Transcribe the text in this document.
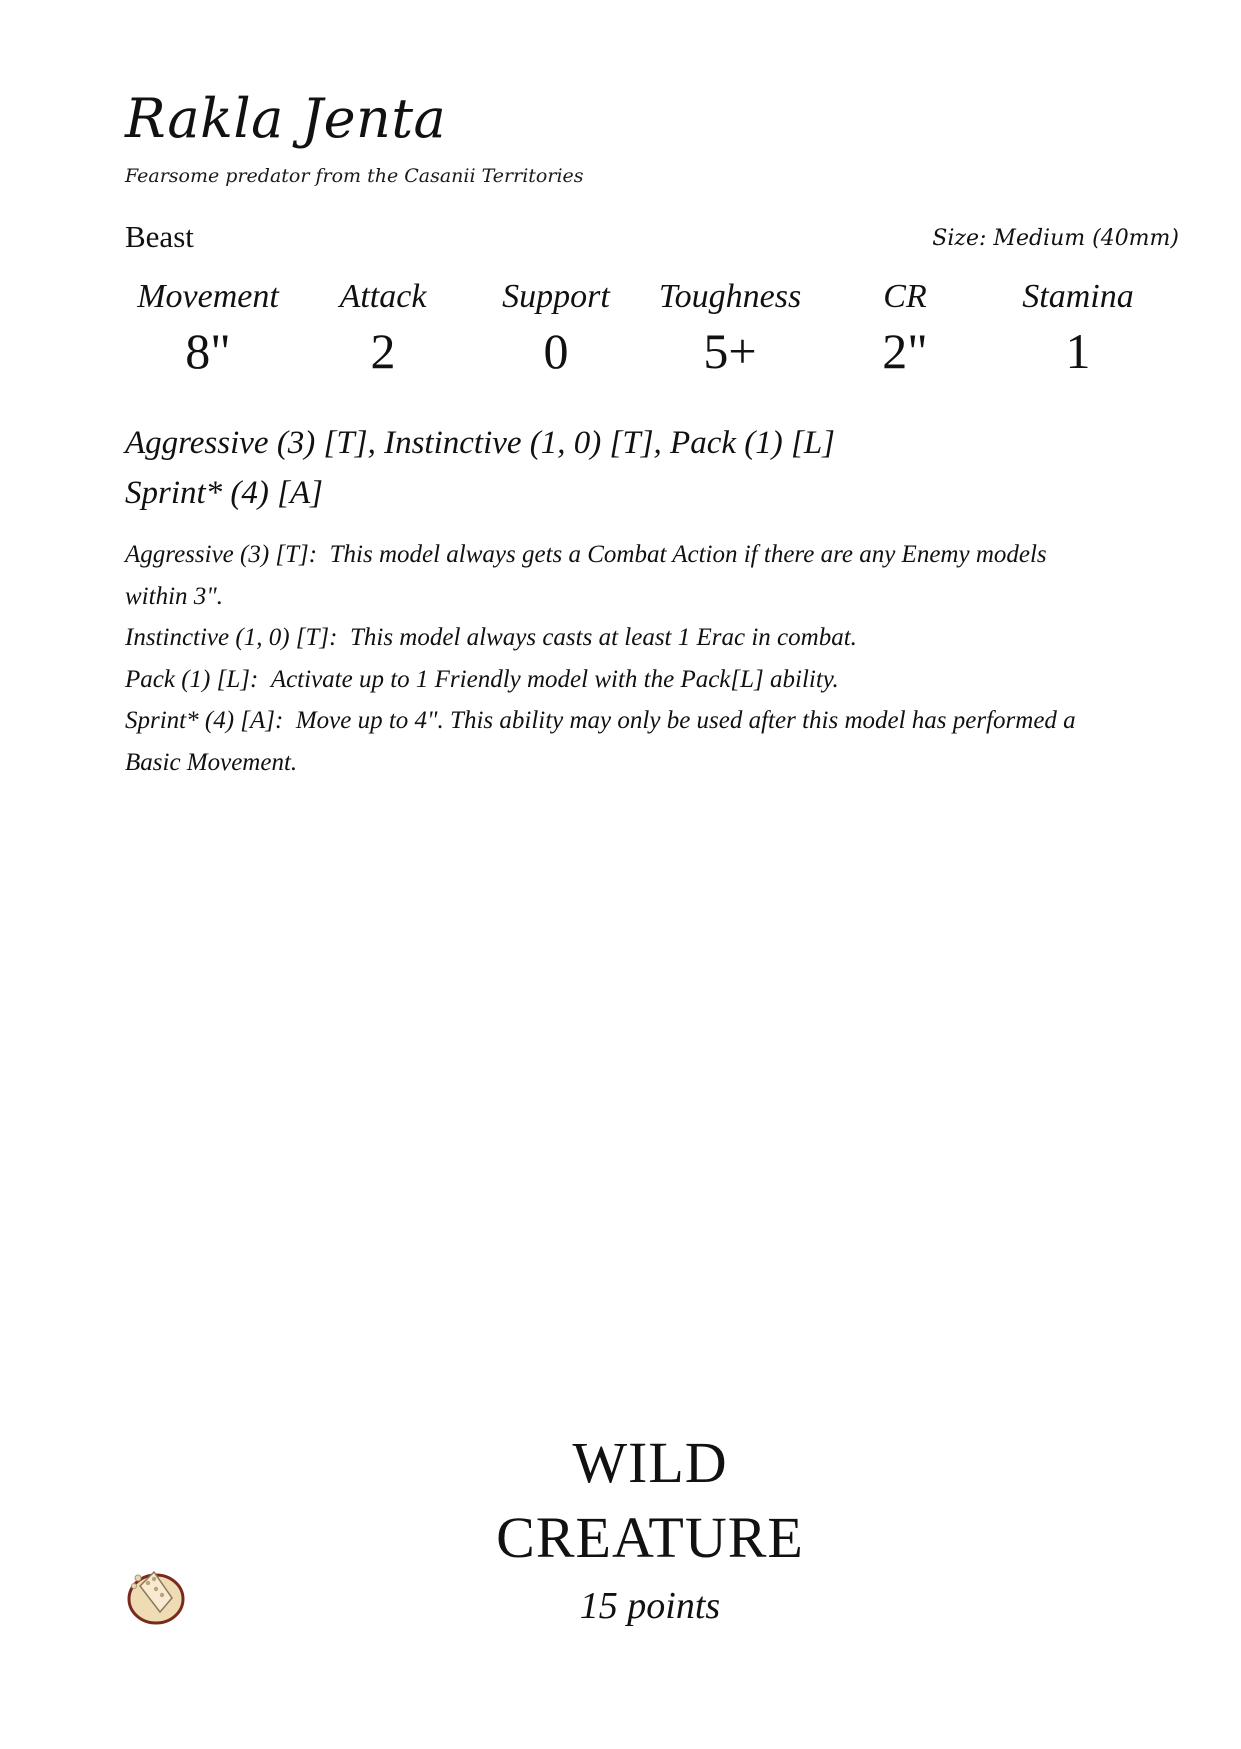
Rakla Jenta
Fearsome predator from the Casanii Territories
Beast	Size: Medium (40mm)
Movement
8"
Attack
2
Support
0
Toughness
5+
CR
2"
Stamina
1
Aggressive (3) [T], Instinctive (1, 0) [T], Pack (1) [L]
Sprint* (4) [A]

Aggressive (3) [T]: This model always gets a Combat Action if there are any Enemy models within 3".

Instinctive (1, 0) [T]: This model always casts at least 1 Erac in combat.

Pack (1) [L]: Activate up to 1 Friendly model with the Pack[L] ability.

Sprint* (4) [A]: Move up to 4". This ability may only be used after this model has performed a Basic Movement.

WILD
CREATURE
15 points
